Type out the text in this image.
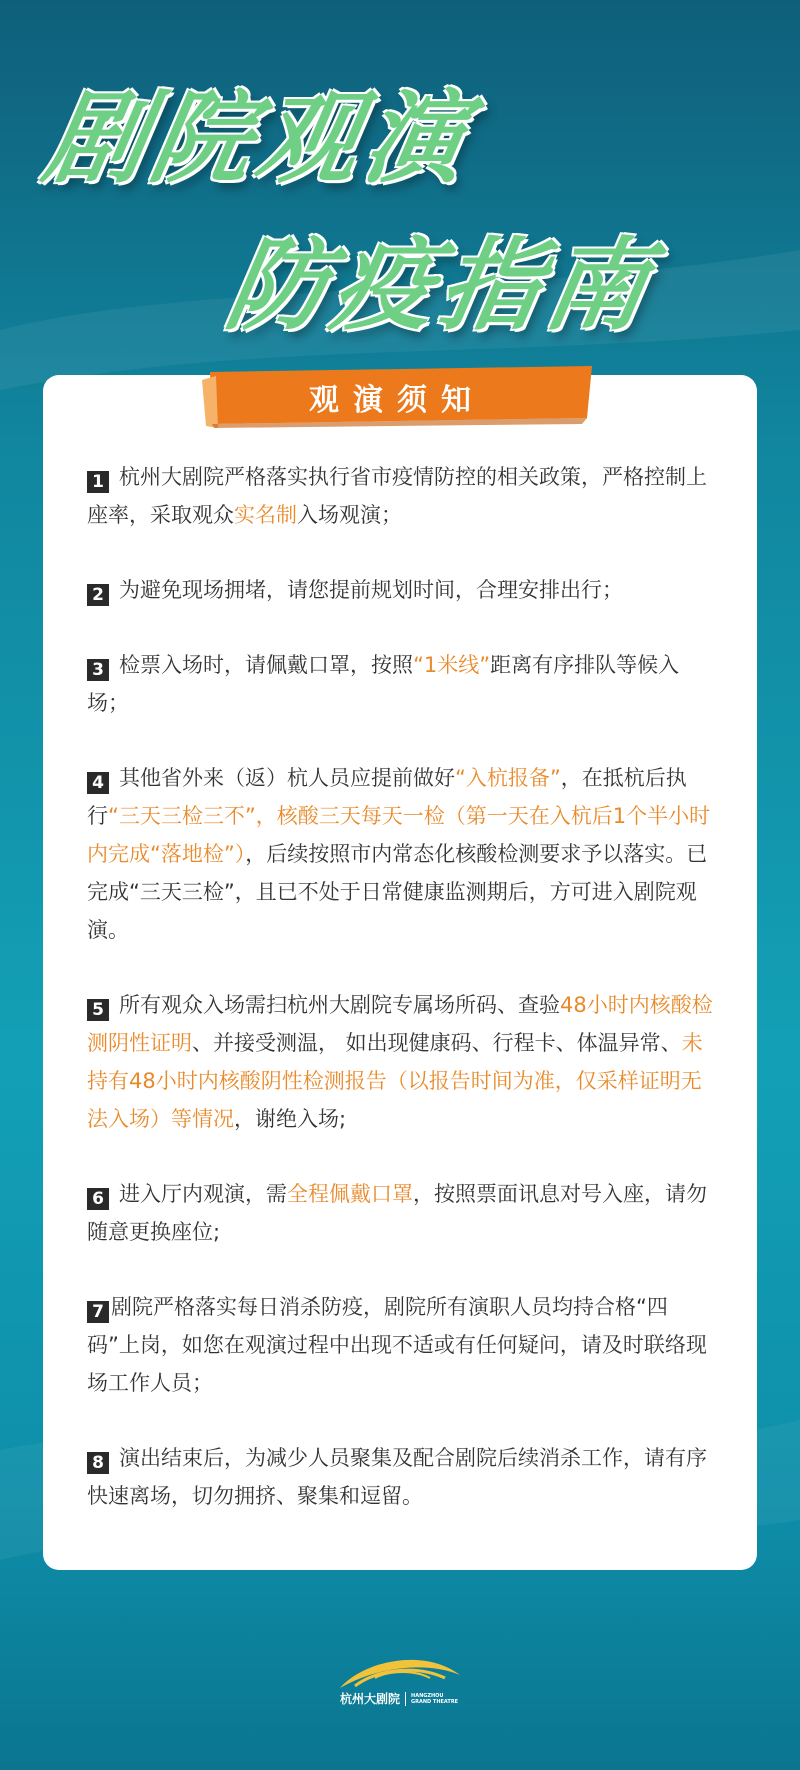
剧院观演
防疫指南
观演须知
1 杭州大剧院严格落实执行省市疫情防控的相关政策，严格控制上座率，采取观众实名制入场观演；
2 为避免现场拥堵，请您提前规划时间，合理安排出行；
3 检票入场时，请佩戴口罩，按照“1米线”距离有序排队等候入场；
4 其他省外来（返）杭人员应提前做好“入杭报备”，在抵杭后执行“三天三检三不”，核酸三天每天一检（第一天在入杭后1个半小时内完成“落地检”），后续按照市内常态化核酸检测要求予以落实。已完成“三天三检”，且已不处于日常健康监测期后，方可进入剧院观演。
5 所有观众入场需扫杭州大剧院专属场所码、查验48小时内核酸检测阴性证明、并接受测温， 如出现健康码、行程卡、体温异常、未持有48小时内核酸阴性检测报告（以报告时间为准，仅采样证明无法入场）等情况，谢绝入场;
6 进入厅内观演，需全程佩戴口罩，按照票面讯息对号入座，请勿随意更换座位;
7 剧院严格落实每日消杀防疫，剧院所有演职人员均持合格“四码”上岗，如您在观演过程中出现不适或有任何疑问，请及时联络现场工作人员；
8 演出结束后，为减少人员聚集及配合剧院后续消杀工作，请有序快速离场，切勿拥挤、聚集和逗留。
杭州大剧院 HANGZHOU
GRAND THEATRE
